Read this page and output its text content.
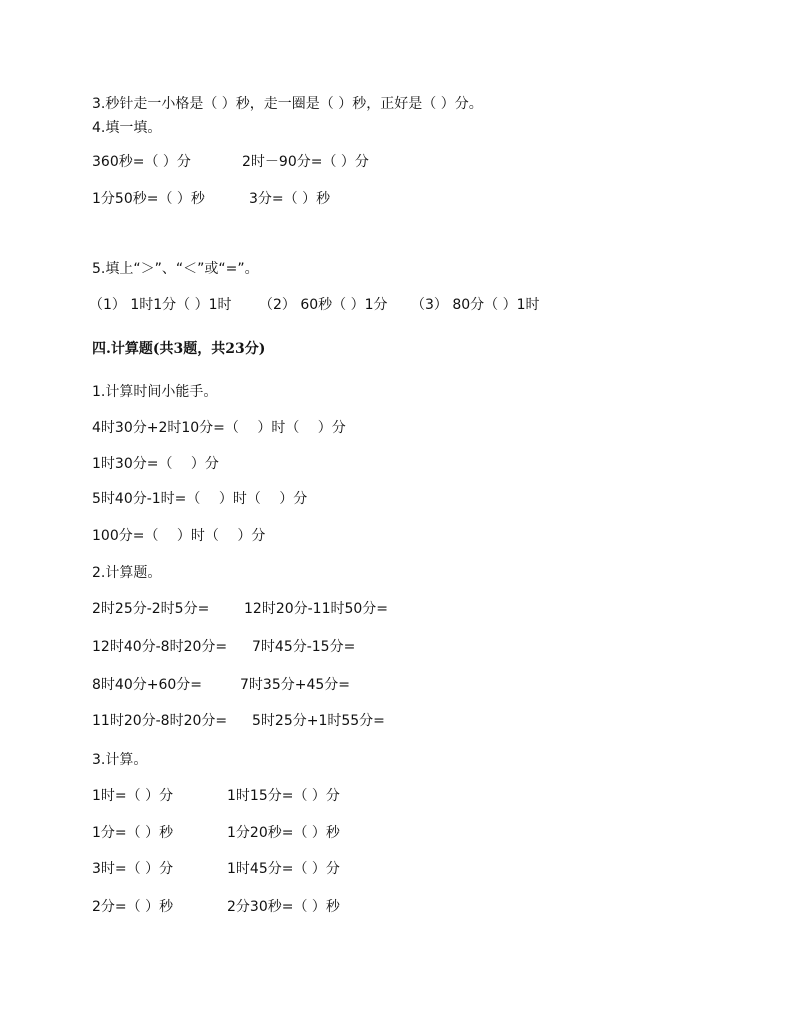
3.秒针走一小格是（ ）秒，走一圈是（ ）秒，正好是（ ）分。
4.填一填。
360秒=（ ）分	2时－90分=（ ）分
1分50秒=（ ）秒	3分=（ ）秒
5.填上“＞”、“＜”或“=”。
（1） 1时1分（ ）1时 （2） 60秒（ ）1分 （3） 80分（ ）1时
四.计算题(共3题，共23分)
1.计算时间小能手。
4时30分+2时10分=（　 ）时（　 ）分
1时30分=（　 ）分
5时40分-1时=（　 ）时（　 ）分
100分=（　 ）时（　 ）分
2.计算题。
2时25分-2时5分= 12时20分-11时50分=
12时40分-8时20分= 7时45分-15分=
8时40分+60分=	7时35分+45分=
11时20分-8时20分= 5时25分+1时55分=
3.计算。
1时=（ ）分	1时15分=（ ）分
1分=（ ）秒	1分20秒=（ ）秒
3时=（ ）分	1时45分=（ ）分
2分=（ ）秒	2分30秒=（ ）秒
